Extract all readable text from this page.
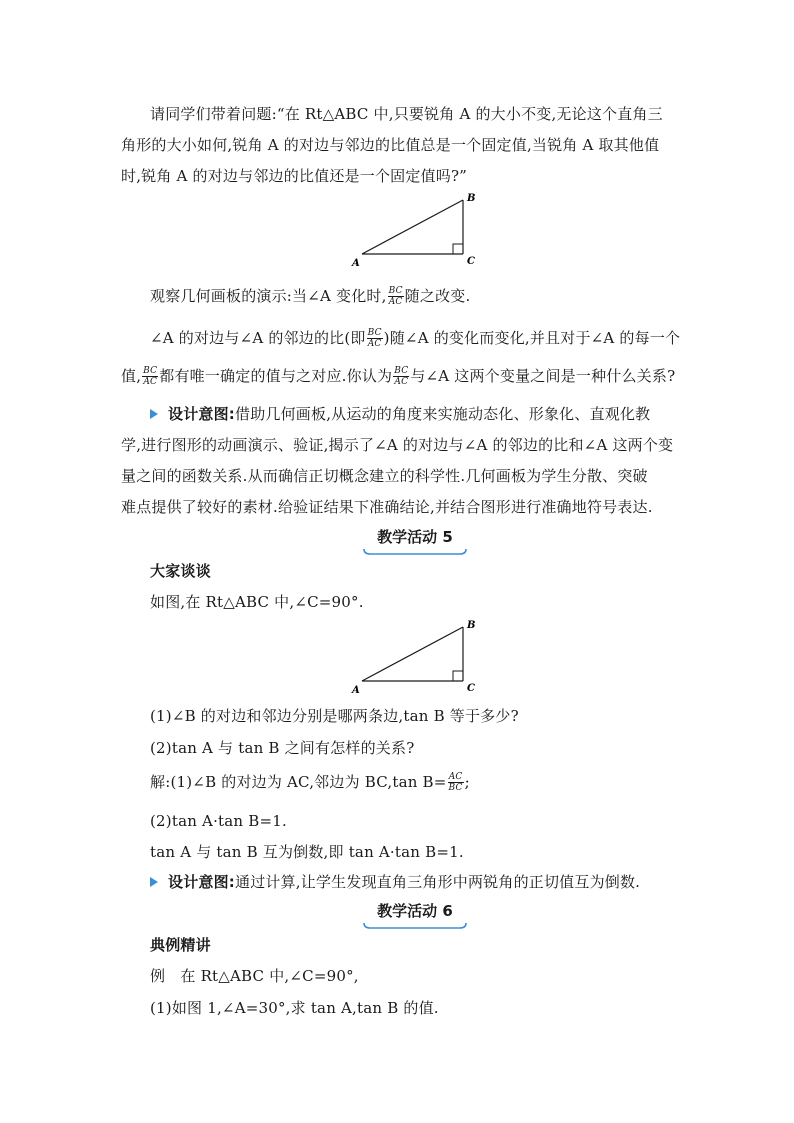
请同学们带着问题:“在 Rt△ABC 中,只要锐角 A 的大小不变,无论这个直角三
角形的大小如何,锐角 A 的对边与邻边的比值总是一个固定值,当锐角 A 取其他值
时,锐角 A 的对边与邻边的比值还是一个固定值吗?”
A
B
C
观察几何画板的演示:当∠A 变化时, $\frac{BC}{AC}$ 随之改变.
∠A 的对边与∠A 的邻边的比(即 $\frac{BC}{AC}$ )随∠A 的变化而变化,并且对于∠A 的每一个
值, $\frac{BC}{AC}$ 都有唯一确定的值与之对应.你认为 $\frac{BC}{AC}$ 与∠A 这两个变量之间是一种什么关系?
设计意图:借助几何画板,从运动的角度来实施动态化、形象化、直观化教
学,进行图形的动画演示、验证,揭示了∠A 的对边与∠A 的邻边的比和∠A 这两个变
量之间的函数关系.从而确信正切概念建立的科学性.几何画板为学生分散、突破
难点提供了较好的素材.给验证结果下准确结论,并结合图形进行准确地符号表达.
教学活动 5
大家谈谈
如图,在 Rt△ABC 中,∠C=90°.
A
B
C
(1)∠B 的对边和邻边分别是哪两条边,tan B 等于多少?
(2)tan A 与 tan B 之间有怎样的关系?
解:(1)∠B 的对边为 AC,邻边为 BC,tan $B= \frac{AC}{BC}$ ;
(2)tan A·tan B=1.
tan A 与 tan B 互为倒数,即 tan A·tan B=1.
设计意图:通过计算,让学生发现直角三角形中两锐角的正切值互为倒数.
教学活动 6
典例精讲
例　在 Rt△ABC 中,∠C=90°,
(1)如图 1,∠A=30°,求 tan A,tan B 的值.
